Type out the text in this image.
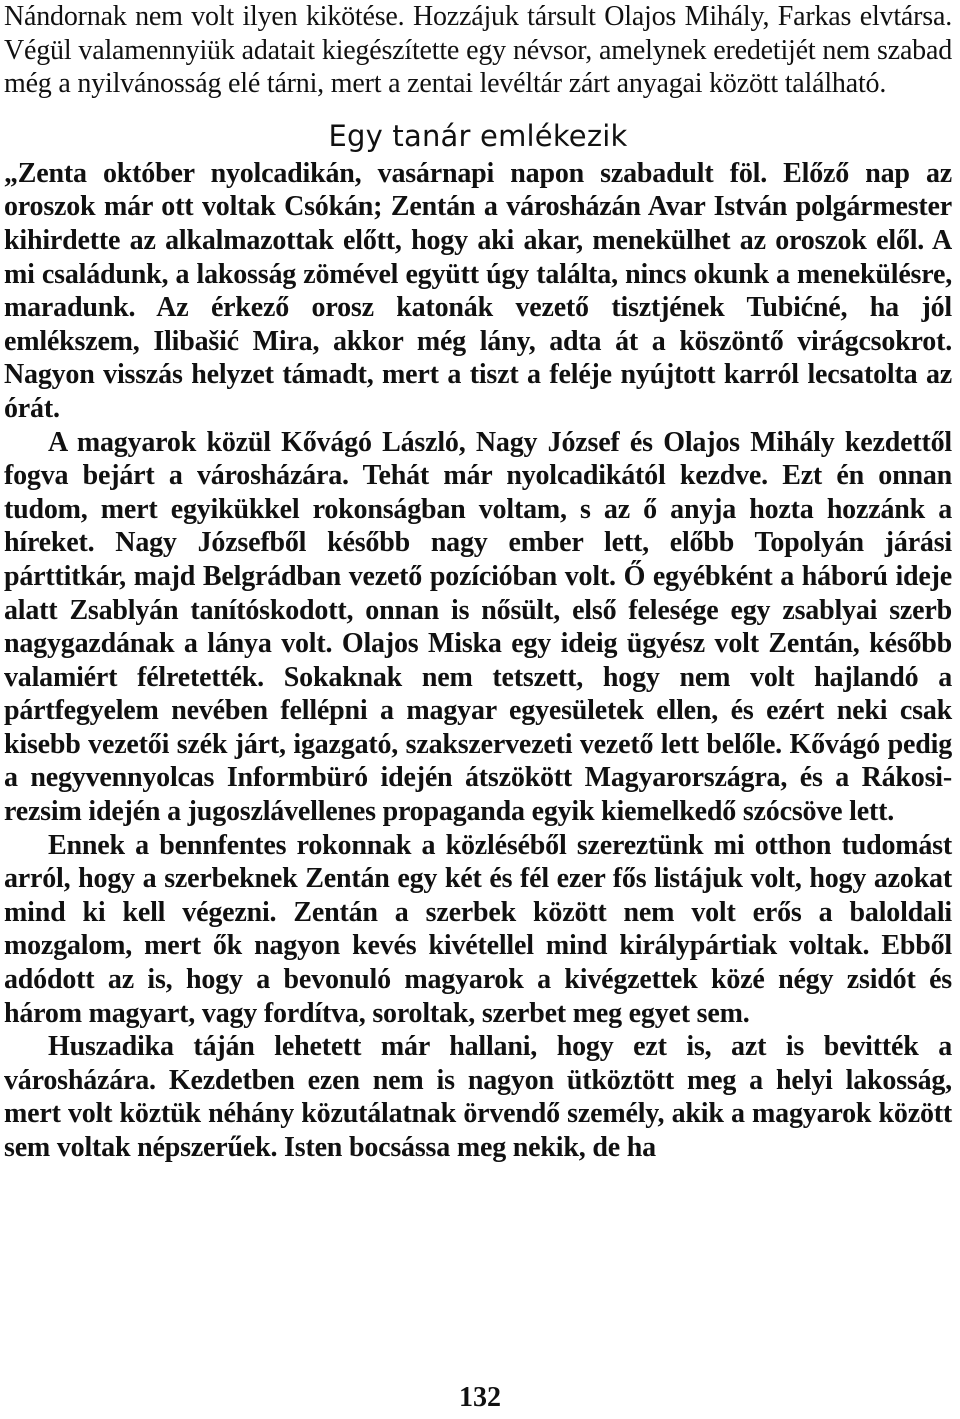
Nándornak nem volt ilyen kikötése. Hozzájuk társult Olajos Mihály, Farkas elvtársa. Végül valamennyiük adatait kiegészítette egy névsor, amelynek eredetijét nem szabad még a nyilvánosság elé tárni, mert a zentai levéltár zárt anyagai között található.

Egy tanár emlékezik

„Zenta október nyolcadikán, vasárnapi napon szabadult föl. Előző nap az oroszok már ott voltak Csókán; Zentán a városházán Avar István polgármester kihirdette az alkalmazottak előtt, hogy aki akar, menekülhet az oroszok elől. A mi családunk, a lakosság zömével együtt úgy találta, nincs okunk a menekülésre, maradunk. Az érkező orosz katonák vezető tisztjének Tubićné, ha jól emlékszem, Ilibašić Mira, akkor még lány, adta át a köszöntő virágcsokrot. Nagyon visszás helyzet támadt, mert a tiszt a feléje nyújtott karról lecsatolta az órát.

A magyarok közül Kővágó László, Nagy József és Olajos Mihály kezdettől fogva bejárt a városházára. Tehát már nyolcadikától kezdve. Ezt én onnan tudom, mert egyikükkel rokonságban voltam, s az ő anyja hozta hozzánk a híreket. Nagy Józsefből később nagy ember lett, előbb Topolyán járási párttitkár, majd Belgrádban vezető pozícióban volt. Ő egyébként a háború ideje alatt Zsablyán tanítóskodott, onnan is nősült, első felesége egy zsablyai szerb nagygazdának a lánya volt. Olajos Miska egy ideig ügyész volt Zentán, később valamiért félretették. Sokaknak nem tetszett, hogy nem volt hajlandó a pártfegyelem nevében fellépni a magyar egyesületek ellen, és ezért neki csak kisebb vezetői szék járt, igazgató, szakszervezeti vezető lett belőle. Kővágó pedig a negyvennyolcas Informbüró idején átszökött Magyarországra, és a Rákosi-rezsim idején a jugoszlávellenes propaganda egyik kiemelkedő szócsöve lett.

Ennek a bennfentes rokonnak a közléséből szereztünk mi otthon tudomást arról, hogy a szerbeknek Zentán egy két és fél ezer fős listájuk volt, hogy azokat mind ki kell végezni. Zentán a szerbek között nem volt erős a baloldali mozgalom, mert ők nagyon kevés kivétellel mind királypártiak voltak. Ebből adódott az is, hogy a bevonuló magyarok a kivégzettek közé négy zsidót és három magyart, vagy fordítva, soroltak, szerbet meg egyet sem.

Huszadika táján lehetett már hallani, hogy ezt is, azt is bevitték a városházára. Kezdetben ezen nem is nagyon ütköztött meg a helyi lakosság, mert volt köztük néhány közutálatnak örvendő személy, akik a magyarok között sem voltak népszerűek. Isten bocsássa meg nekik, de ha

132
